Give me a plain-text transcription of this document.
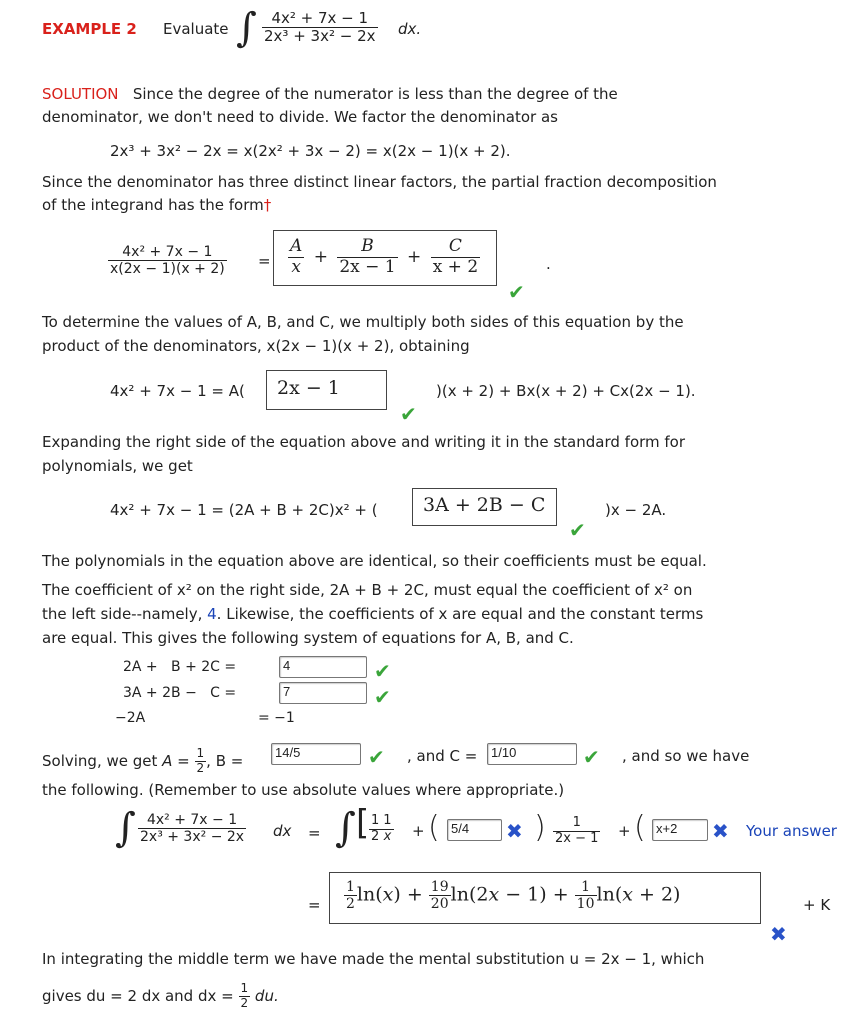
EXAMPLE 2 Evaluate ∫ $\frac{\text{4x² + 7x − 1}}{\text{2x³ + 3x² − 2x}}$ dx.
SOLUTION Since the degree of the numerator is less than the degree of the
denominator, we don't need to divide. We factor the denominator as
2x³ + 3x² − 2x = x(2x² + 3x − 2) = x(2x − 1)(x + 2).
Since the denominator has three distinct linear factors, the partial fraction decomposition
of the integrand has the form†
$\frac{\text{4x² + 7x − 1}}{x(2x - 1)(x + 2)} = \frac{A}{x} + \frac{B}{2x - 1} + \frac{C}{x + 2}$
✔
.
To determine the values of A, B, and C, we multiply both sides of this equation by the
product of the denominators, x(2x − 1)(x + 2), obtaining
4x² + 7x − 1 = A(	2x − 1
✔
)(x + 2) + Bx(x + 2) + Cx(2x − 1).
Expanding the right side of the equation above and writing it in the standard form for
polynomials, we get
4x² + 7x − 1 = (2A + B + 2C)x² + (	3A + 2B − C
✔
)x − 2A.
The polynomials in the equation above are identical, so their coefficients must be equal.
The coefficient of x² on the right side, 2A + B + 2C, must equal the coefficient of x² on
the left side--namely, 4. Likewise, the coefficients of x are equal and the constant terms
are equal. This gives the following system of equations for A, B, and C.
2A +   B + 2C =	4	✔
3A + 2B −   C =	7	✔
−2A	= −1
Solving, we get $A = \frac{1}{2}$ , B =	14/5	✔ , and C =	1/10	✔ , and so we have
the following. (Remember to use absolute values where appropriate.)
∫ $\frac{\text{4x² + 7x − 1}}{\text{2x³ + 3x² − 2x}}$ dx = ∫ [ $\frac{1}{2} \frac{1}{x}$ + ( 5/4	✖ ) $\frac{1}{2x - 1}$ + ( x+2	✖ Your answer
= $\frac{1}{2} \ln(x) + \frac{19}{20} \ln(2x - 1) + \frac{1}{10} \ln(x + 2)$	+ K
✖
In integrating the middle term we have made the mental substitution u = 2x − 1, which
gives du = 2 dx and dx = $\frac{1}{2}$ du.
